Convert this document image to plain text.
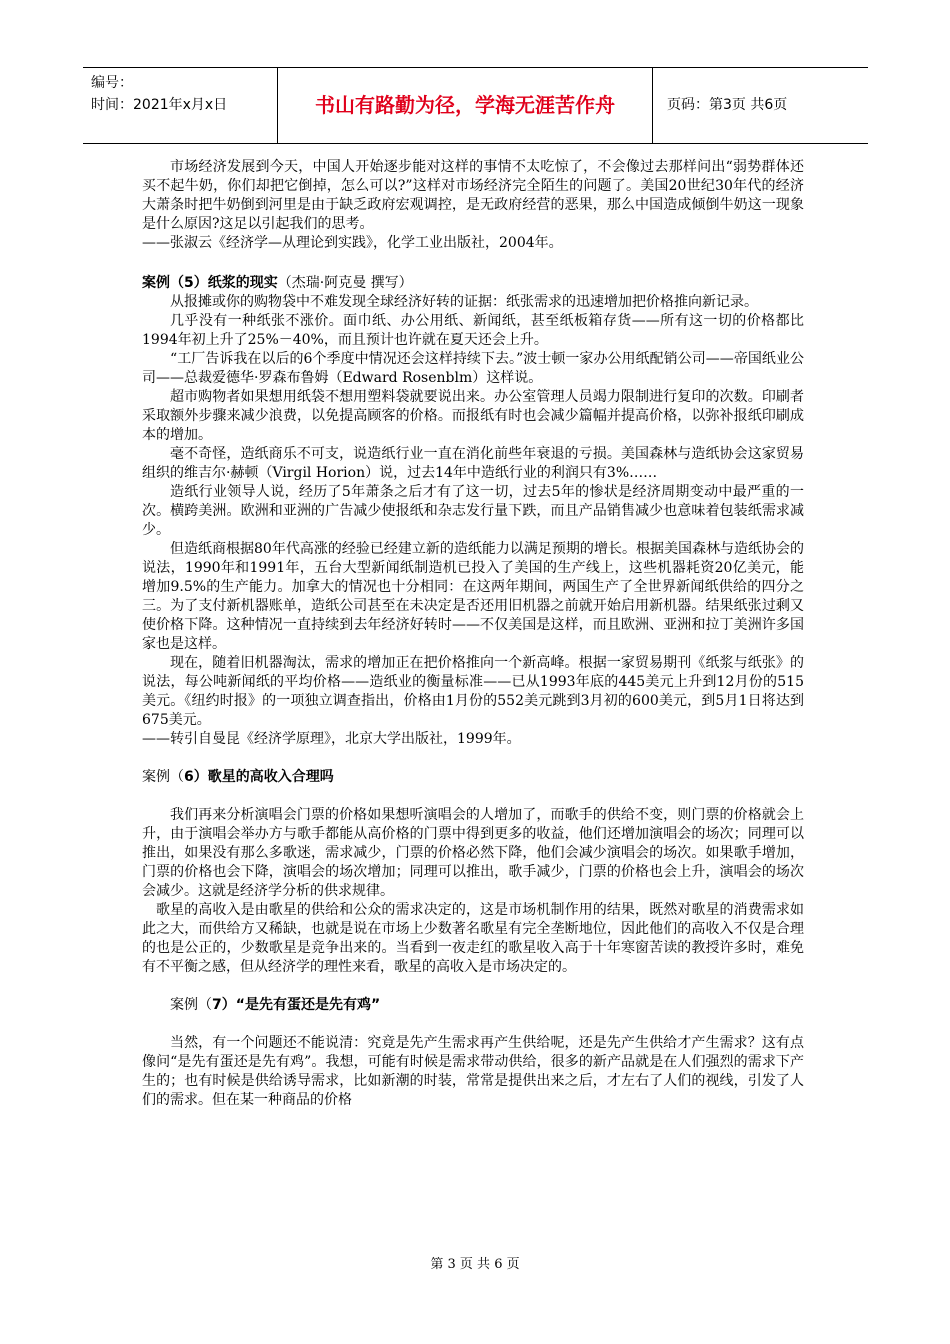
编号：
时间：2021年x月x日	书山有路勤为径，学海无涯苦作舟	页码：第3页 共6页

市场经济发展到今天，中国人开始逐步能对这样的事情不太吃惊了，不会像过去那样问出“弱势群体还买不起牛奶，你们却把它倒掉，怎么可以?”这样对市场经济完全陌生的问题了。美国20世纪30年代的经济大萧条时把牛奶倒到河里是由于缺乏政府宏观调控，是无政府经营的恶果，那么中国造成倾倒牛奶这一现象是什么原因?这足以引起我们的思考。

——张淑云《经济学—从理论到实践》，化学工业出版社，2004年。

案例（5）纸浆的现实（杰瑞·阿克曼 撰写）

从报摊或你的购物袋中不难发现全球经济好转的证据：纸张需求的迅速增加把价格推向新记录。

几乎没有一种纸张不涨价。面巾纸、办公用纸、新闻纸，甚至纸板箱存货——所有这一切的价格都比1994年初上升了25%－40%，而且预计也许就在夏天还会上升。

“工厂告诉我在以后的6个季度中情况还会这样持续下去。”波士顿一家办公用纸配销公司——帝国纸业公司——总裁爱德华·罗森布鲁姆（Edward Rosenblm）这样说。

超市购物者如果想用纸袋不想用塑料袋就要说出来。办公室管理人员竭力限制进行复印的次数。印刷者采取额外步骤来减少浪费，以免提高顾客的价格。而报纸有时也会减少篇幅并提高价格，以弥补报纸印刷成本的增加。

毫不奇怪，造纸商乐不可支，说造纸行业一直在消化前些年衰退的亏损。美国森林与造纸协会这家贸易组织的维吉尔·赫顿（Virgil Horion）说，过去14年中造纸行业的利润只有3%……

造纸行业领导人说，经历了5年萧条之后才有了这一切，过去5年的惨状是经济周期变动中最严重的一次。横跨美洲。欧洲和亚洲的广告减少使报纸和杂志发行量下跌，而且产品销售减少也意味着包装纸需求减少。

但造纸商根据80年代高涨的经验已经建立新的造纸能力以满足预期的增长。根据美国森林与造纸协会的说法，1990年和1991年，五台大型新闻纸制造机已投入了美国的生产线上，这些机器耗资20亿美元，能增加9.5%的生产能力。加拿大的情况也十分相同：在这两年期间，两国生产了全世界新闻纸供给的四分之三。为了支付新机器账单，造纸公司甚至在未决定是否还用旧机器之前就开始启用新机器。结果纸张过剩又使价格下降。这种情况一直持续到去年经济好转时——不仅美国是这样，而且欧洲、亚洲和拉丁美洲许多国家也是这样。

现在，随着旧机器淘汰，需求的增加正在把价格推向一个新高峰。根据一家贸易期刊《纸浆与纸张》的说法，每公吨新闻纸的平均价格——造纸业的衡量标准——已从1993年底的445美元上升到12月份的515美元。《纽约时报》的一项独立调查指出，价格由1月份的552美元跳到3月初的600美元，到5月1日将达到675美元。

——转引自曼昆《经济学原理》，北京大学出版社，1999年。

案例（6）歌星的高收入合理吗

我们再来分析演唱会门票的价格如果想听演唱会的人增加了，而歌手的供给不变，则门票的价格就会上升，由于演唱会举办方与歌手都能从高价格的门票中得到更多的收益，他们还增加演唱会的场次；同理可以推出，如果没有那么多歌迷，需求减少，门票的价格必然下降，他们会减少演唱会的场次。如果歌手增加，门票的价格也会下降，演唱会的场次增加；同理可以推出，歌手减少，门票的价格也会上升，演唱会的场次会减少。这就是经济学分析的供求规律。

歌星的高收入是由歌星的供给和公众的需求决定的，这是市场机制作用的结果，既然对歌星的消费需求如此之大，而供给方又稀缺，也就是说在市场上少数著名歌星有完全垄断地位，因此他们的高收入不仅是合理的也是公正的，少数歌星是竞争出来的。当看到一夜走红的歌星收入高于十年寒窗苦读的教授许多时，难免有不平衡之感，但从经济学的理性来看，歌星的高收入是市场决定的。

案例（7）“是先有蛋还是先有鸡”

当然，有一个问题还不能说清：究竟是先产生需求再产生供给呢，还是先产生供给才产生需求？这有点像问“是先有蛋还是先有鸡”。我想，可能有时候是需求带动供给，很多的新产品就是在人们强烈的需求下产生的；也有时候是供给诱导需求，比如新潮的时装，常常是提供出来之后，才左右了人们的视线，引发了人们的需求。但在某一种商品的价格

第 3 页 共 6 页
